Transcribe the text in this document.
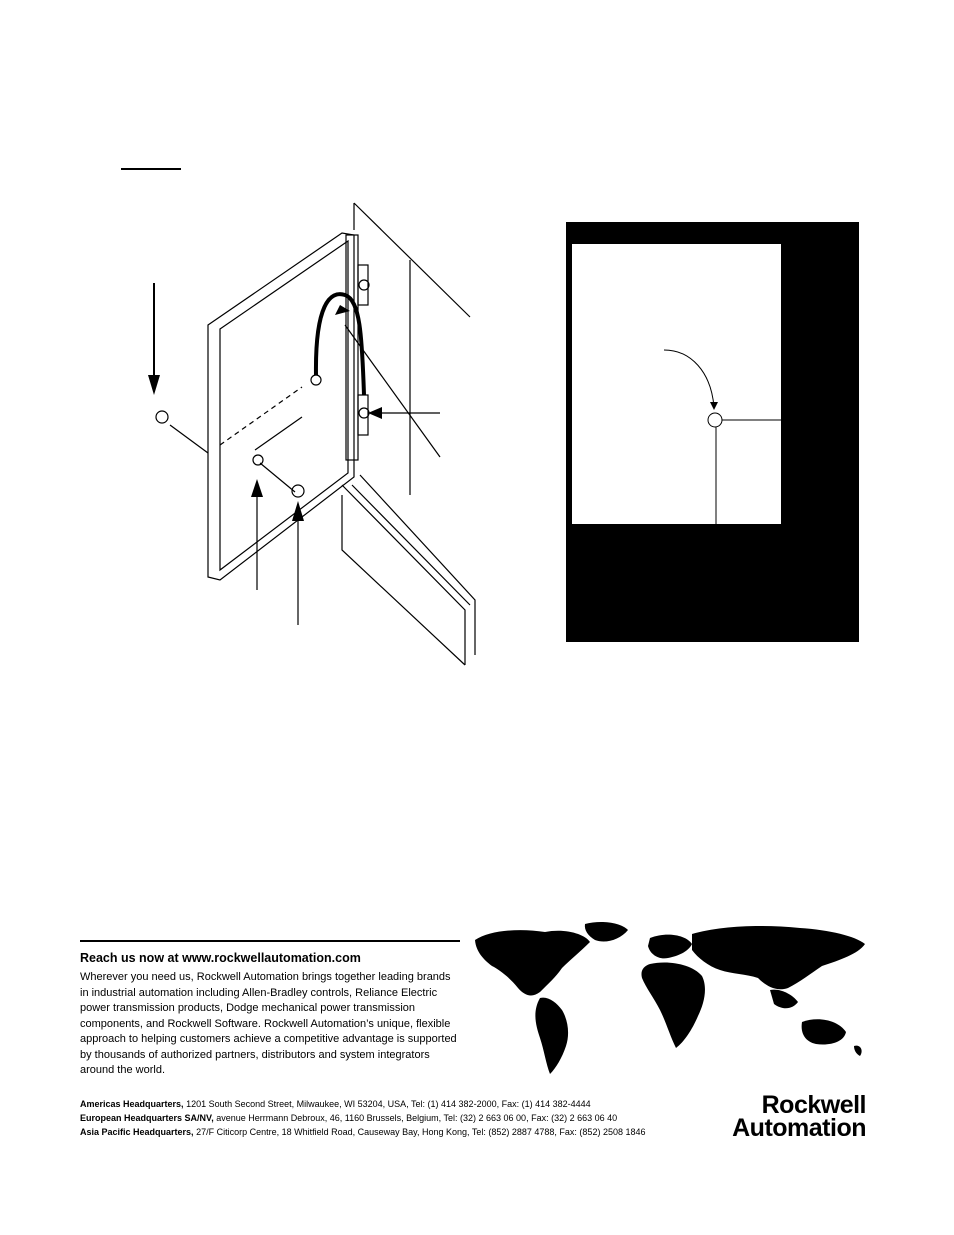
Reach us now at www.rockwellautomation.com
Wherever you need us, Rockwell Automation brings together leading brands in industrial automation including Allen-Bradley controls, Reliance Electric power transmission products, Dodge mechanical power transmission components, and Rockwell Software. Rockwell Automation’s unique, flexible approach to helping customers achieve a competitive advantage is supported by thousands of authorized partners, distributors and system integrators around the world.
Americas Headquarters, 1201 South Second Street, Milwaukee, WI 53204, USA, Tel: (1) 414 382-2000, Fax: (1) 414 382-4444
European Headquarters SA/NV, avenue Herrmann Debroux, 46, 1160 Brussels, Belgium, Tel: (32) 2 663 06 00, Fax: (32) 2 663 06 40
Asia Pacific Headquarters, 27/F Citicorp Centre, 18 Whitfield Road, Causeway Bay, Hong Kong, Tel: (852) 2887 4788, Fax: (852) 2508 1846
Rockwell
Automation
